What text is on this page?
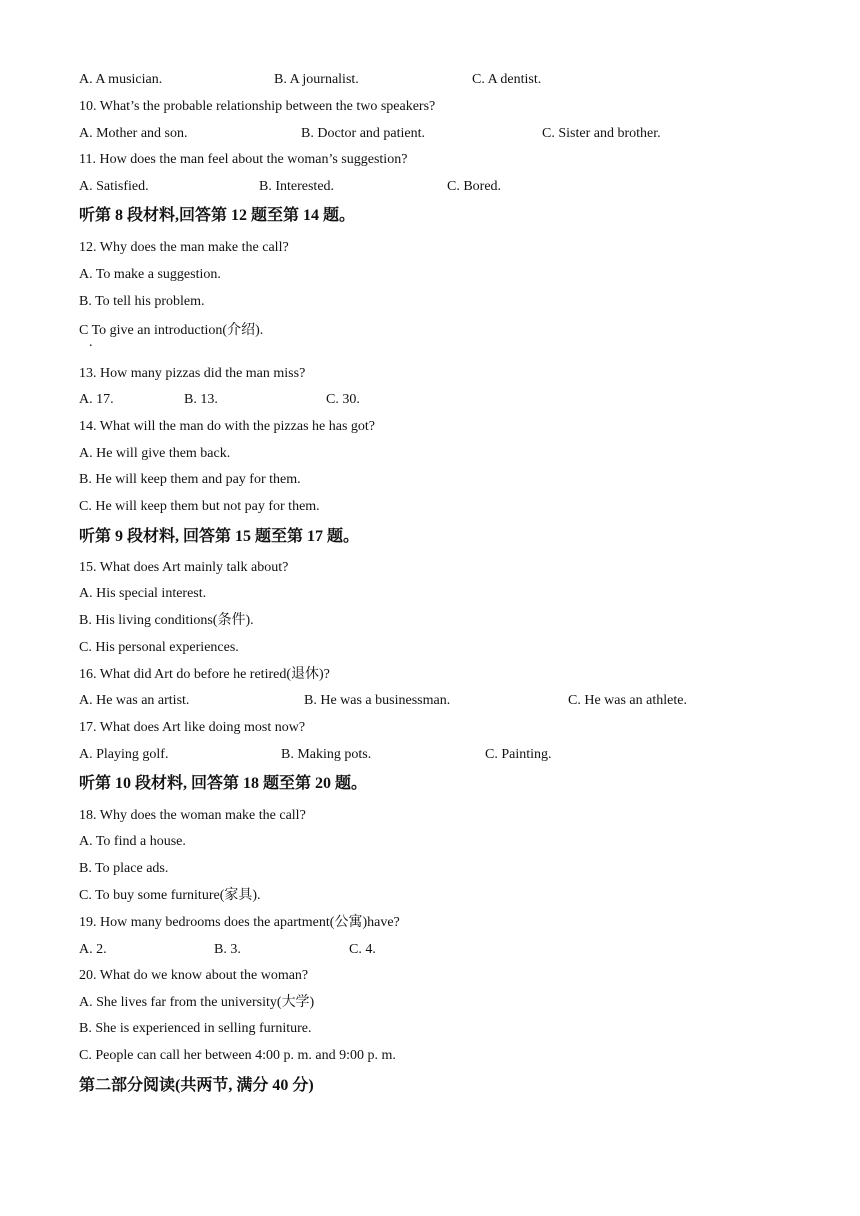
A. A musician.	B. A journalist.	C. A dentist.
10. What’s the probable relationship between the two speakers?
A. Mother and son.	B. Doctor and patient.	C. Sister and brother.
11. How does the man feel about the woman’s suggestion?
A. Satisfied.	B. Interested.	C. Bored.
听第 8 段材料,回答第 12 题至第 14 题。
12. Why does the man make the call?
A. To make a suggestion.
B. To tell his problem.
C To give an introduction(介绍).
.
13. How many pizzas did the man miss?
A. 17.	B. 13.	C. 30.
14. What will the man do with the pizzas he has got?
A. He will give them back.
B. He will keep them and pay for them.
C. He will keep them but not pay for them.
听第 9 段材料, 回答第 15 题至第 17 题。
15. What does Art mainly talk about?
A. His special interest.
B. His living conditions(条件).
C. His personal experiences.
16. What did Art do before he retired(退休)?
A. He was an artist.	B. He was a businessman.	C. He was an athlete.
17. What does Art like doing most now?
A. Playing golf.	B. Making pots.	C. Painting.
听第 10 段材料, 回答第 18 题至第 20 题。
18. Why does the woman make the call?
A. To find a house.
B. To place ads.
C. To buy some furniture(家具).
19. How many bedrooms does the apartment(公寓)have?
A. 2.	B. 3.	C. 4.
20. What do we know about the woman?
A. She lives far from the university(大学)
B. She is experienced in selling furniture.
C. People can call her between 4:00 p. m. and 9:00 p. m.
第二部分阅读(共两节, 满分 40 分)
